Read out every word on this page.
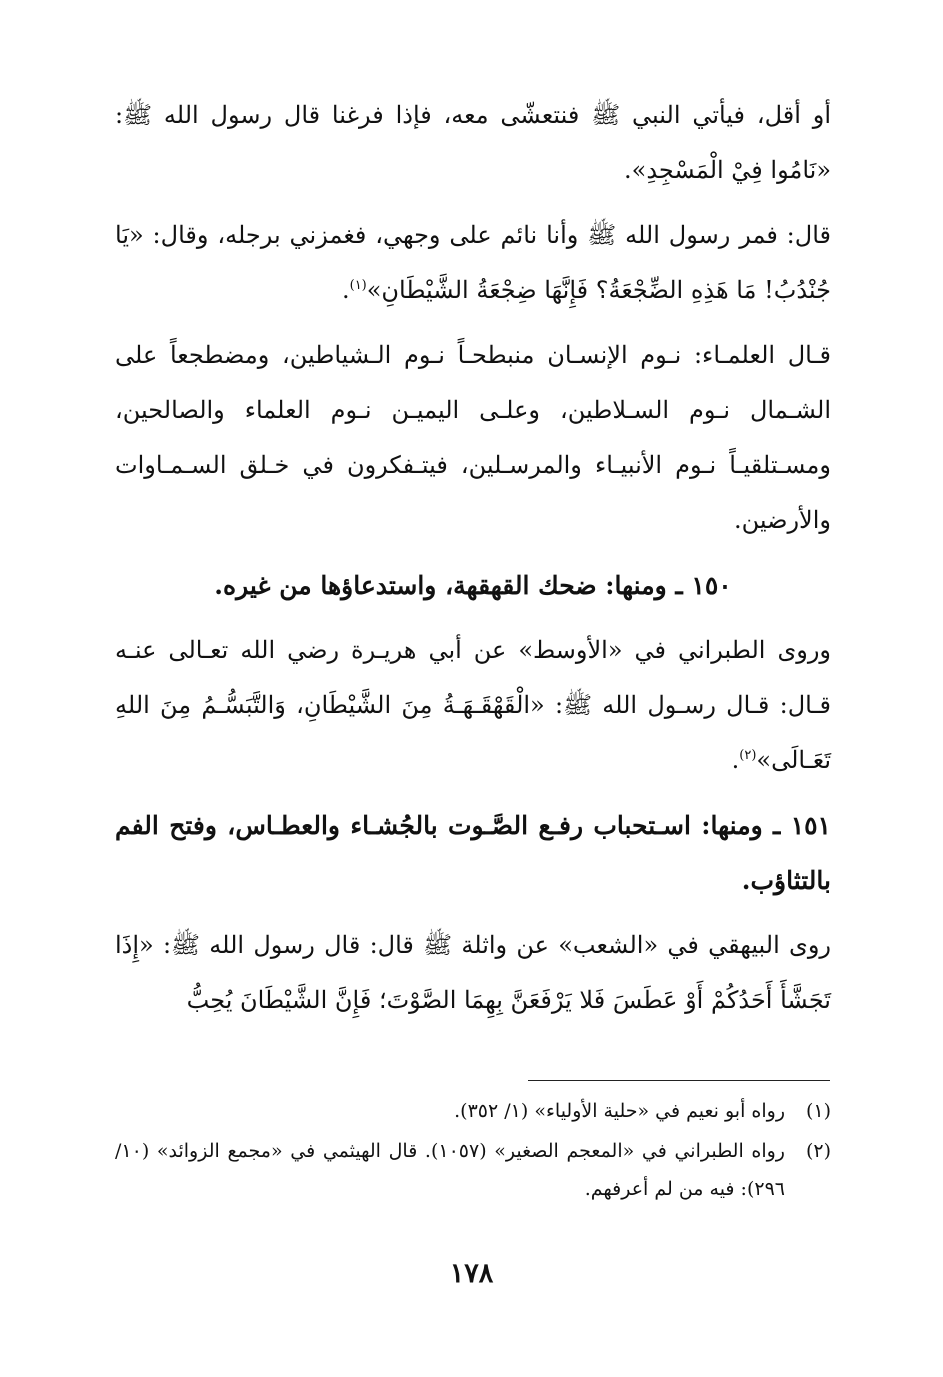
أو أقل، فيأتي النبي ﷺ فنتعشّى معه، فإذا فرغنا قال رسول الله ﷺ: «نَامُوا فِيْ الْمَسْجِدِ».

قال: فمر رسول الله ﷺ وأنا نائم على وجهي، فغمزني برجله، وقال: «يَا جُنْدُبُ! مَا هَذِهِ الضِّجْعَةُ؟ فَإِنَّهَا ضِجْعَةُ الشَّيْطَانِ»$^{(١)}$.

قـال العلمـاء: نـوم الإنسـان منبطحـاً نـوم الـشياطين، ومضطجعاً على الشـمال نـوم السـلاطين، وعلـى اليميـن نـوم العلماء والصالحين، ومسـتلقيـاً نـوم الأنبيـاء والمرسـلين، فيتـفكرون في خـلق السـمـاوات والأرضين.

١٥٠ ـ ومنها: ضحك القهقهة، واستدعاؤها من غيره.

وروى الطبراني في «الأوسط» عن أبي هريـرة رضي الله تعـالى عنـه قـال: قـال رسـول الله ﷺ: «الْقَهْقَـهَـةُ مِنَ الشَّيْطَانِ، وَالتَّبَسُّـمُ مِنَ اللهِ تَعَـالَى»$^{(٢)}$.

١٥١ ـ ومنها: اسـتحباب رفـع الصَّـوت بالجُشـاء والعطـاس، وفتح الفم بالتثاؤب.

روى البيهقي في «الشعب» عن واثلة ﷺ قال: قال رسول الله ﷺ: «إِذَا تَجَشَّأَ أَحَدُكُمْ أَوْ عَطَسَ فَلا يَرْفَعَنَّ بِهِمَا الصَّوْتَ؛ فَإِنَّ الشَّيْطَانَ يُحِبُّ

(١)
رواه أبو نعيم في «حلية الأولياء» (١/ ٣٥٢).
(٢)
رواه الطبراني في «المعجم الصغير» (١٠٥٧). قال الهيثمي في «مجمع الزوائد» (١٠/ ٢٩٦): فيه من لم أعرفهم.
١٧٨
